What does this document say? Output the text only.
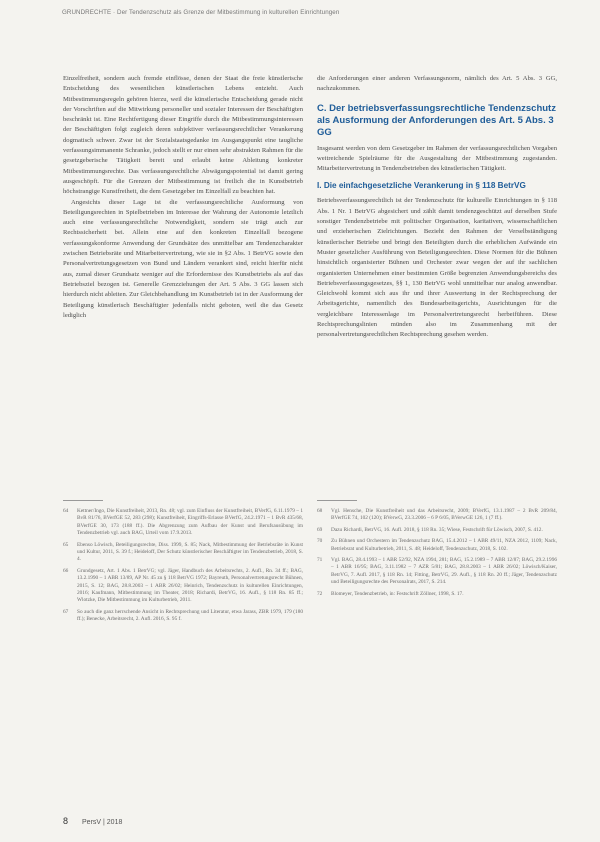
GRUNDRECHTE · Der Tendenzschutz als Grenze der Mitbestimmung in kulturellen Einrichtungen

Einzelfreiheit, sondern auch fremde einflösse, denen der Staat die freie künstlerische Entscheidung des wesentlichen künstlerischen Lebens entzieht. Auch Mitbestimmungsregeln gehören hierzu, weil die künstlerische Entscheidung gerade nicht der Vorschriften auf die Mitwirkung personeller und sozialer Interessen der Beschäftigten beschränkt ist. Eine Rechtfertigung dieser Eingriffe durch die Mitbestimmungsinteressen der Beschäftigten folgt zugleich deren subjektiver verfassungsrechtlicher Verankerung dogmatisch schwer. Zwar ist der Sozialstaatsgedanke im Ausgangspunkt eine taugliche verfassungsimmanente Schranke, jedoch stellt er nur einen sehr abstrakten Rahmen für die gesetzgeberische Tätigkeit bereit und erlaubt keine Ableitung konkreter Mitbestimmungsrechte. Das verfassungsrechtliche Abwägungspotential ist damit gering ausgeschöpft. Für die Grenzen der Mitbestimmung ist freilich die in Kunstbetrieb höchstrangige Kunstfreiheit, die dem Gesetzgeber im Einzelfall zu beachten hat.

Angesichts dieser Lage ist die verfassungsrechtliche Ausformung von Beteiligungsrechten in Spielbetrieben im Interesse der Wahrung der Autonomie letztlich auch eine verfassungsrechtliche Notwendigkeit, sondern sie trägt auch zur Rechtssicherheit bei. Allein eine auf den konkreten Einzelfall bezogene verfassungskonforme Anwendung der Grundsätze des unmittelbar am Tendenzcharakter zwischen Betriebsräte und Mitarbeitervertretung, wie sie in §2 Abs. 1 BetrVG sowie den Personalvertretungsgesetzen von Bund und Ländern verankert sind, reicht hierfür nicht aus, zumal dieser Grundsatz weniger auf die Erfordernisse des Kunstbetriebs als auf das Betriebsziel bezogen ist. Generelle Grenzziehungen der Art. 5 Abs. 3 GG lassen sich hierdurch nicht ableiten. Zur Gleichbehandlung im Kunstbetrieb ist in der Ausformung der Beteiligung künstlerisch Beschäftigter jedenfalls nicht geboten, weil die das Gesetz lediglich

die Anforderungen einer anderen Verfassungsnorm, nämlich des Art. 5 Abs. 3 GG, nachzukommen.

C. Der betriebsverfassungsrechtliche Tendenzschutz als Ausformung der Anforderungen des Art. 5 Abs. 3 GG

Insgesamt werden von dem Gesetzgeber im Rahmen der verfassungsrechtlichen Vorgaben weitreichende Spielräume für die Ausgestaltung der Mitbestimmung zugestanden. Mitarbeitervertretung in Tendenzbetrieben des künstlerischen Tätigkeit.

I. Die einfachgesetzliche Verankerung in § 118 BetrVG

Betriebsverfassungsrechtlich ist der Tendenzschutz für kulturelle Einrichtungen in § 118 Abs. 1 Nr. 1 BetrVG abgesichert und zählt damit tendenzgeschützt auf derselben Stufe sonstiger Tendenzbetriebe mit politischer Organisation, karitativen, wissenschaftlichen und erzieherischen Zielrichtungen. Bezieht den Rahmen der Verselbständigung künstlerischer Betriebe und bringt den Beteiligten durch die erheblichen Aufwände ein Muster gesetzlicher Ausführung von Beteiligungsrechten. Diese Normen für die Bühnen hinsichtlich organisierter Bühnen und Orchester zwar wegen der auf ihr sachlichen organisierten Unternehmen einer bestimmten Größe begrenzten Anwendungsbereichs des Betriebsverfassungsgesetzes, §§ 1, 130 BetrVG wohl unmittelbar nur analog anwendbar. Gleichwohl kommt sich aus ihr und ihrer Auswertung in der Rechtsprechung der Arbeitsgerichte, namentlich des Bundesarbeitsgerichts, Ausrichtungen für die vergleichbare Interessenlage im Personalvertretungsrecht herbeiführen. Diese Rechtsprechungslinien münden also im Zusammenhang mit der personalvertretungsrechtlichen Rechtsprechung gesehen werden.

64	Kettner/Ingo, Die Kunstfreiheit, 2013, Rn. 48; vgl. zum Einfluss der Kunstfreiheit, BVerfG, 6.11.1979 – 1 BvR 81/76, BVerfGE 52, 283 (298); Kunstfreiheit, Eingriffs-Erlasse BVerfG, 24.2.1971 – 1 BvR 435/68, BVerfGE 30, 173 (188 ff.). Die Abgrenzung zum Aufbau der Kunst und Berufsausübung im Tendenzbetrieb vgl. auch BAG, Urteil vom 17.9.2013.
65	Ebenso Löwisch, Beteiligungsrechte, Diss. 1999, S. 85; Nack, Mitbestimmung der Betriebsräte in Kunst und Kultur, 2011, S. 39 f.; Heideloff, Der Schutz künstlerischer Beschäftigter im Tendenzbetrieb, 2018, S. 4.
66	Grundgesetz, Art. 1 Abs. 1 BetrVG; vgl. Jäger, Handbuch des Arbeitsrechts, 2. Aufl., Rn. 34 ff.; BAG, 13.2.1990 – 1 ABR 13/89, AP Nr. 45 zu § 118 BetrVG 1972; Bayreuth, Personalvertretungsrecht Bühnen, 2015, S. 12; BAG, 28.8.2003 – 1 ABR 26/02; Heinrich, Tendenzschutz in kulturellen Einrichtungen, 2016; Kaufmann, Mitbestimmung im Theater, 2018; Richardi, BetrVG, 16. Aufl., § 118 Rn. 85 ff.; Wlotzke, Die Mitbestimmung im Kulturbetrieb, 2011.
67	So auch die ganz herrschende Ansicht in Rechtsprechung und Literatur, etwa Jarass, ZBR 1979, 179 (180 ff.); Benecke, Arbeitsrecht, 2. Aufl. 2016, S. 95 f.
68	Vgl. Hensche, Die Kunstfreiheit und das Arbeitsrecht, 2009; BVerfG, 13.1.1987 – 2 BvR 209/84, BVerfGE 74, 102 (120); BVerwG, 23.3.2006 – 6 P 6/05, BVerwGE 126, 1 (7 ff.).
69	Dazu Richardi, BetrVG, 16. Aufl. 2018, § 118 Rn. 35; Wiese, Festschrift für Löwisch, 2007, S. 412.
70	Zu Bühnen und Orchestern im Tendenzschutz BAG, 15.4.2012 – 1 ABR 49/11, NZA 2012, 1109; Nack, Betriebsrat und Kulturbetrieb, 2011, S. 48; Heideloff, Tendenzschutz, 2018, S. 102.
71	Vgl. BAG, 28.4.1993 – 1 ABR 52/92, NZA 1994, 281; BAG, 15.2.1989 – 7 ABR 12/87; BAG, 29.2.1996 – 1 ABR 16/95; BAG, 3.11.1982 – 7 AZR 5/81; BAG, 28.8.2003 – 1 ABR 26/02; Löwisch/Kaiser, BetrVG, 7. Aufl. 2017, § 118 Rn. 14; Fitting, BetrVG, 29. Aufl., § 118 Rn. 20 ff.; Jäger, Tendenzschutz und Beteiligungsrechte des Personalrats, 2017, S. 214.
72	Blomeyer, Tendenzbetrieb, in: Festschrift Zöllner, 1998, S. 17.
8 PersV | 2018
